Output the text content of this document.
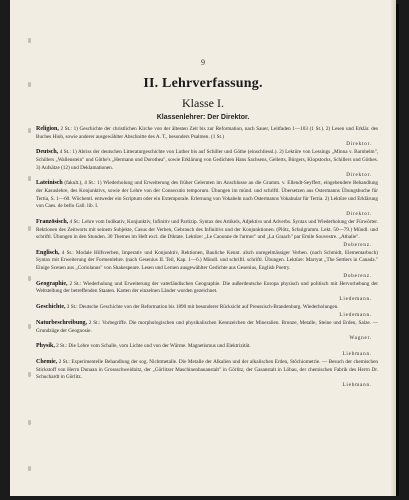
9
II. Lehrverfassung.
Klasse I.
Klassenlehrer: Der Direktor.

Religion, 2 St.: 1) Geschichte der christlichen Kirche von der ältesten Zeit bis zur Reformation, nach Sauer, Leitfaden 1—103 (1 St.). 2) Lesen und Erklär. des Buches Hiob, sowie anderer ausgewählter Abschnitte des A. T., besonders Psalmen. (1 St.)
Direktor.

Deutsch, 4 St.: 1) Abriss der deutschen Litteraturgeschichte von Luther bis auf Schiller und Göthe (einschliessl.). 2) Lektüre von Lessings „Minna v. Barnhelm", Schillers „Wallenstein" und Göthe's „Hermann und Dorothea", sowie Erklärung von Gedichten Hans Sachsens, Gellerts, Bürgers, Klopstocks, Schillers und Göthes. 3) Aufsätze (12) und Deklamationen.
Direktor.

Lateinisch (fakult.), 4 St.: 1) Wiederholung und Erweiterung des früher Gelernten im Anschlusse an die Gramm. v. Ellendt-Seyffert, eingehendere Behandlung der Kasuslehre, des Konjunktivs, sowie der Lehre von der Consecutio temporum. Übungen im münd. und schriftl. Übersetzen aus Ostermanns Übungsbuche für Tertia, S. 1—60. Wöchentl. entweder ein Scriptum oder ein Extemporale. Erlernung von Vokabeln nach Ostermanns Vokabular für Tertia. 2) Lektüre und Erklärung von Caes. de bello Gall. lib. I.
Direktor.

Französisch, 4 St.: Lehre vom Indikativ, Konjunktiv, Infinitiv und Partizip. Syntax des Artikels, Adjektivs und Adverbs. Syntax und Wiederholung der Fürwörter. Rektionen des Zeitworts mit seinem Subjekte, Casus der Verben, Gebrauch des Infinitivs und der Konjunktionen. (Plötz, Schulgramm. Lekt. 50—79.) Mündl. und schriftl. Übungen in den Stunden. 30 Themes im Heft excl. die Diktate. Lektüre: „Le Caoonne de l'armor" und „La Graach" par Emile Souvestre. „Athalie".
Doberenz.

Englisch, 4 St.: Modale Hilfsverben, Imperativ und Konjunktiv, Rektionen, Bauliche Kennt. alsch unregelmässiger Verben. (nach Schmidt, Elementarbuch) Syntax mit Erweiterung der Formenlehre. (nach Gesenius II. Teil, Kap. 1—6.) Mündl. und schriftl. schriftl. Übungen. Lektüre: Marryat „The Settlers in Canada." Einige Scenen aus „Coriolanus" von Shakespeare. Lesen und Lernen ausgewählter Gedichte aus Gesenius, English Poetry.
Doberenz.

Geographie, 2 St.: Wiederholung und Erweiterung der vaterländischen Geographie. Die außerdeutsche Europa physisch und politisch mit Hervorhebung der Weltstellung der betreffenden Staaten. Karten der einzelnen Länder wurden gezeichnet.
Liedemann.

Geschichte, 3 St.: Deutsche Geschichte von der Reformation bis 1890 mit besonderer Rücksicht auf Preussisch-Brandenburg. Wiederholungen.
Liedemann.

Naturbeschreibung, 2 St.: Vorbegriffe. Die morphologischen und physikalischen Kennzeichen der Mineralien. Bronze, Metalle, Steine und Erden, Salze. — Grundzüge der Geognosie.
Wagner.

Physik, 2 St.: Die Lehre vom Schalle, vom Lichte und von der Wärme. Magnetismus und Elektrizität.
Liebmann.

Chemie, 2 St.: Experimentelle Behandlung der sog. Nichtmetalle. Die Metalle der Alkalien und der alkalischen Erden, Stöchiometrie. — Besuch der chemischen Stickstoff von Herrn Dunaan in Grossschweidnitz, der „Görlitzer Maschinenbauanstalt" in Görlitz, der Gasanstalt in Löbau, der chemischen Fabrik des Herrn Dr. Schuchardt in Görlitz.
Liebmann.
